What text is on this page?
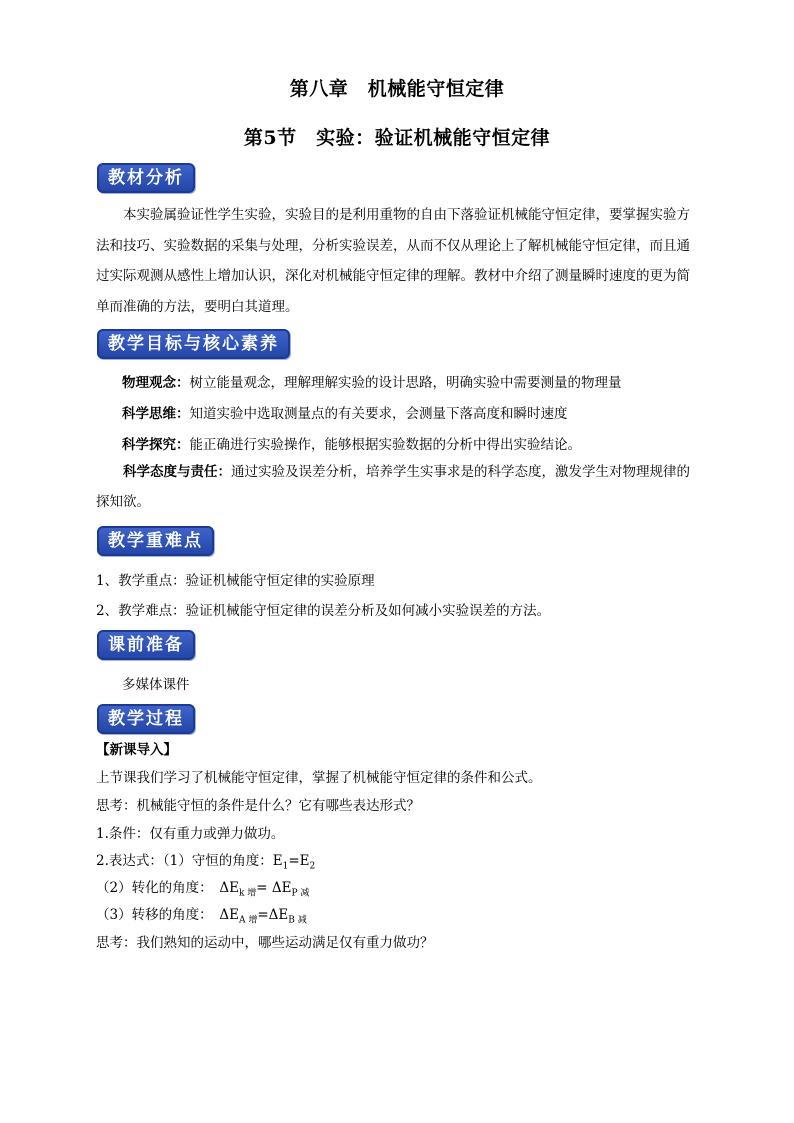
第八章　机械能守恒定律
第5节　实验：验证机械能守恒定律
教材分析
本实验属验证性学生实验，实验目的是利用重物的自由下落验证机械能守恒定律，要掌握实验方法和技巧、实验数据的采集与处理，分析实验误差，从而不仅从理论上了解机械能守恒定律，而且通过实际观测从感性上增加认识，深化对机械能守恒定律的理解。教材中介绍了测量瞬时速度的更为简单而准确的方法，要明白其道理。
教学目标与核心素养
物理观念：树立能量观念，理解理解实验的设计思路，明确实验中需要测量的物理量
科学思维：知道实验中选取测量点的有关要求，会测量下落高度和瞬时速度
科学探究：能正确进行实验操作，能够根据实验数据的分析中得出实验结论。
科学态度与责任：通过实验及误差分析，培养学生实事求是的科学态度，激发学生对物理规律的探知欲。
教学重难点
1、教学重点：验证机械能守恒定律的实验原理
2、教学难点：验证机械能守恒定律的误差分析及如何减小实验误差的方法。
课前准备
多媒体课件
教学过程
【新课导入】
上节课我们学习了机械能守恒定律，掌握了机械能守恒定律的条件和公式。
思考：机械能守恒的条件是什么？它有哪些表达形式？
1.条件：仅有重力或弹力做功。
2.表达式：（1）守恒的角度：$E_1=E_2$
（2）转化的角度：　$\Delta E_{k 增}= \Delta E_{P 减}$
（3）转移的角度：　$\Delta E_{A 增}=\Delta E_{B 减}$
思考：我们熟知的运动中，哪些运动满足仅有重力做功？
